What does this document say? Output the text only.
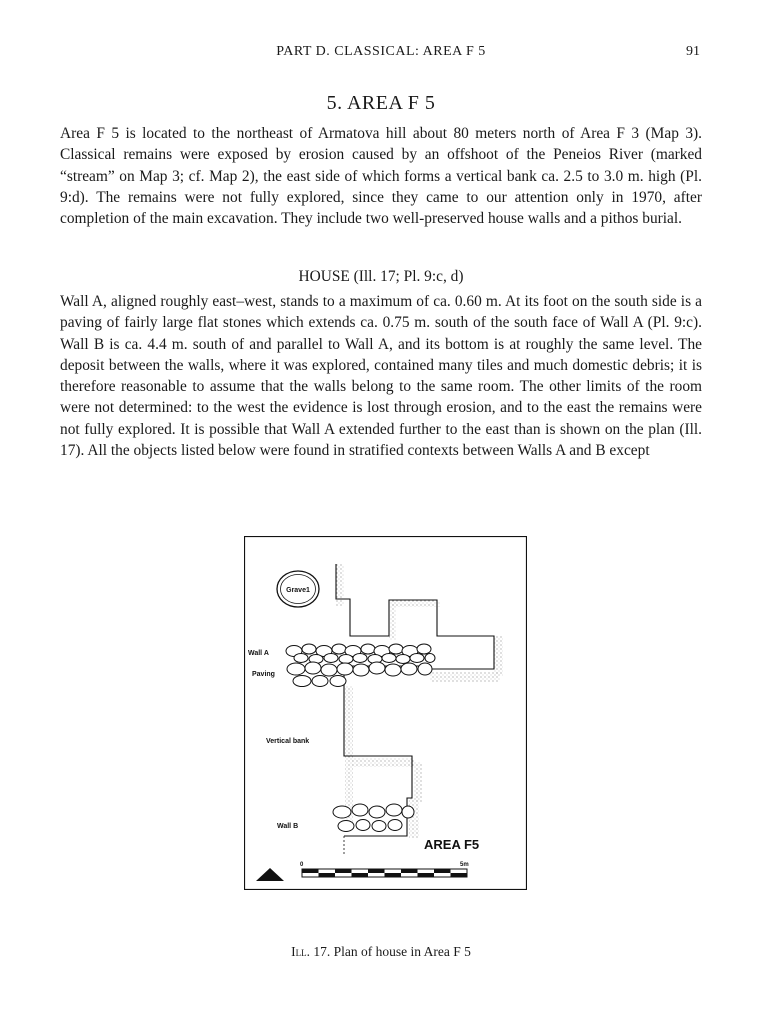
PART D. CLASSICAL: AREA F 5	91
5. AREA F 5

Area F 5 is located to the northeast of Armatova hill about 80 meters north of Area F 3 (Map 3). Classical remains were exposed by erosion caused by an offshoot of the Peneios River (marked “stream” on Map 3; cf. Map 2), the east side of which forms a vertical bank ca. 2.5 to 3.0 m. high (Pl. 9:d). The remains were not fully explored, since they came to our attention only in 1970, after completion of the main excavation. They include two well-preserved house walls and a pithos burial.

HOUSE (Ill. 17; Pl. 9:c, d)

Wall A, aligned roughly east–west, stands to a maximum of ca. 0.60 m. At its foot on the south side is a paving of fairly large flat stones which extends ca. 0.75 m. south of the south face of Wall A (Pl. 9:c). Wall B is ca. 4.4 m. south of and parallel to Wall A, and its bottom is at roughly the same level. The deposit between the walls, where it was explored, contained many tiles and much domestic debris; it is therefore reasonable to assume that the walls belong to the same room. The other limits of the room were not determined: to the west the evidence is lost through erosion, and to the east the remains were not fully explored. It is possible that Wall A extended further to the east than is shown on the plan (Ill. 17). All the objects listed below were found in stratified contexts between Walls A and B except

Grave1
Wall A
Paving
Vertical bank
Wall B
AREA F5
0	5m
Ill. 17. Plan of house in Area F 5
